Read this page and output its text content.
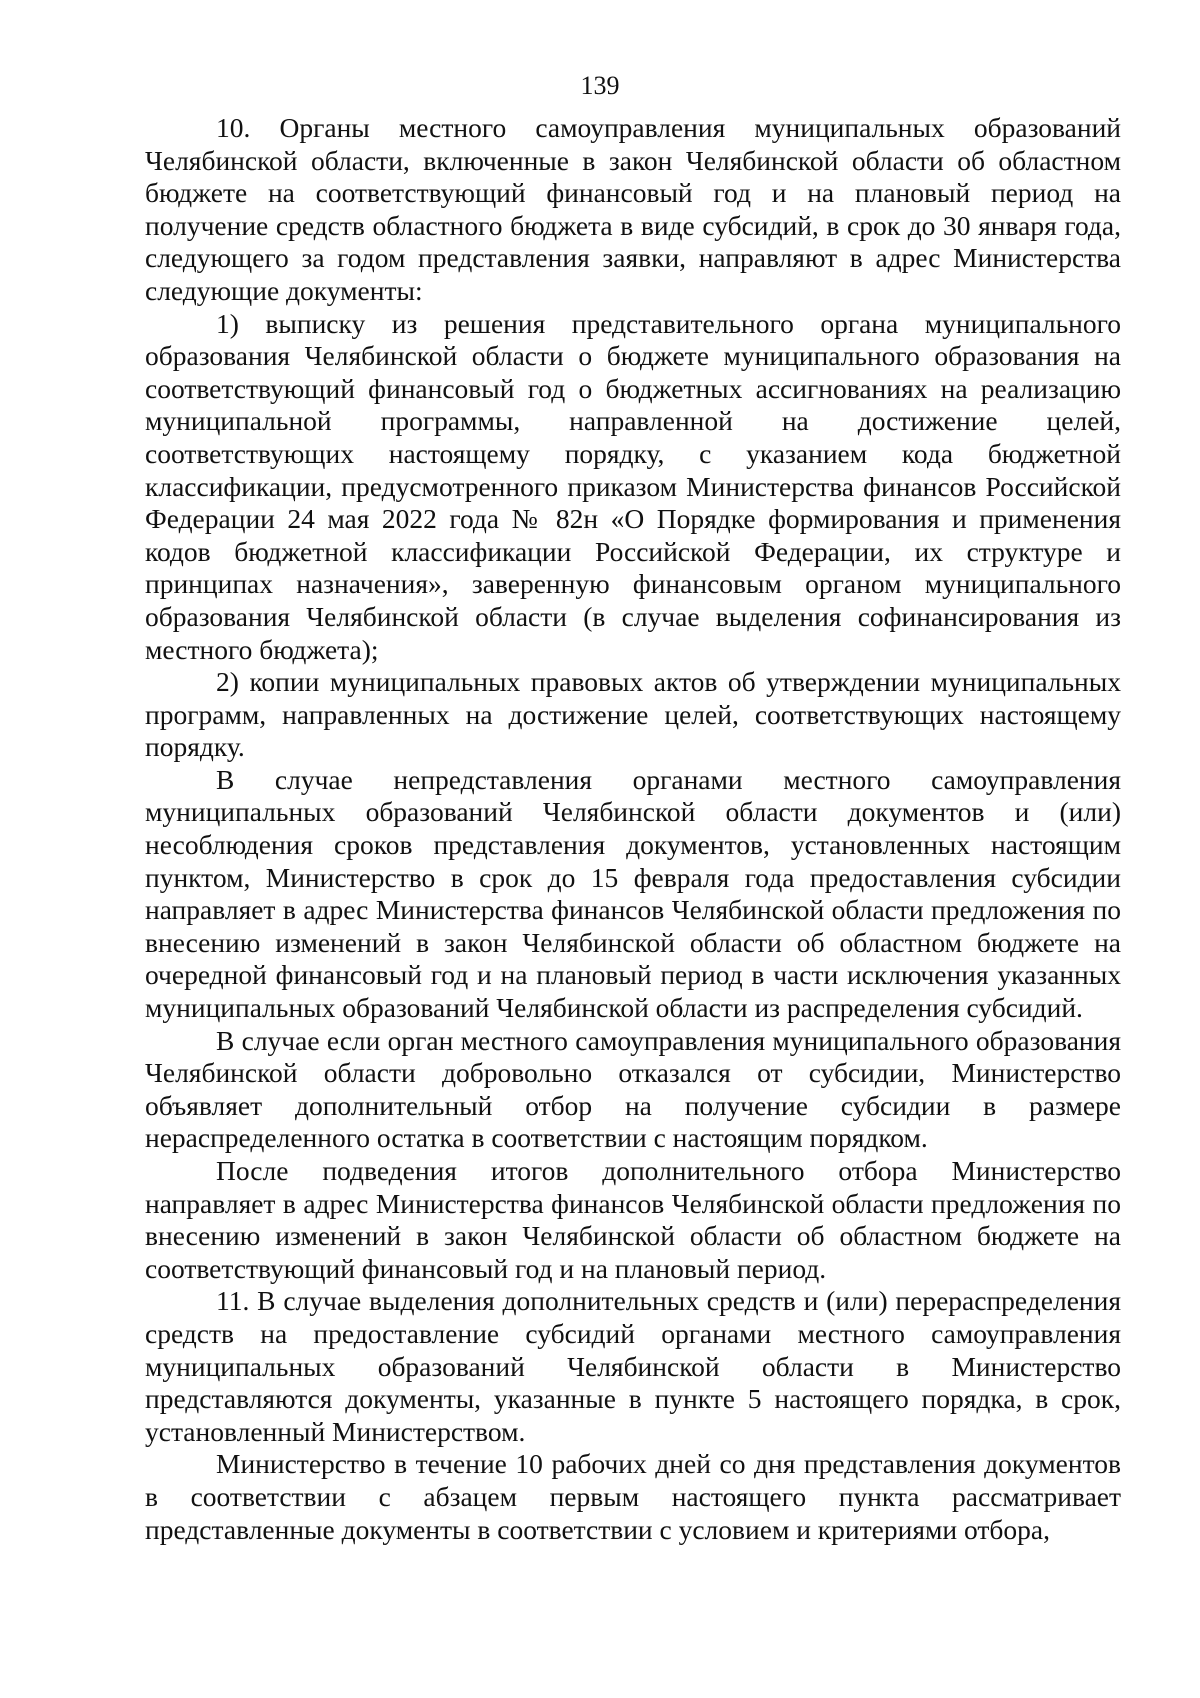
139

10. Органы местного самоуправления муниципальных образований Челябинской области, включенные в закон Челябинской области об областном бюджете на соответствующий финансовый год и на плановый период на получение средств областного бюджета в виде субсидий, в срок до 30 января года, следующего за годом представления заявки, направляют в адрес Министерства следующие документы:

1) выписку из решения представительного органа муниципального образования Челябинской области о бюджете муниципального образования на соответствующий финансовый год о бюджетных ассигнованиях на реализацию муниципальной программы, направленной на достижение целей, соответствующих настоящему порядку, с указанием кода бюджетной классификации, предусмотренного приказом Министерства финансов Российской Федерации 24 мая 2022 года № 82н «О Порядке формирования и применения кодов бюджетной классификации Российской Федерации, их структуре и принципах назначения», заверенную финансовым органом муниципального образования Челябинской области (в случае выделения софинансирования из местного бюджета);

2) копии муниципальных правовых актов об утверждении муниципальных программ, направленных на достижение целей, соответствующих настоящему порядку.

В случае непредставления органами местного самоуправления муниципальных образований Челябинской области документов и (или) несоблюдения сроков представления документов, установленных настоящим пунктом, Министерство в срок до 15 февраля года предоставления субсидии направляет в адрес Министерства финансов Челябинской области предложения по внесению изменений в закон Челябинской области об областном бюджете на очередной финансовый год и на плановый период в части исключения указанных муниципальных образований Челябинской области из распределения субсидий.

В случае если орган местного самоуправления муниципального образования Челябинской области добровольно отказался от субсидии, Министерство объявляет дополнительный отбор на получение субсидии в размере нераспределенного остатка в соответствии с настоящим порядком.

После подведения итогов дополнительного отбора Министерство направляет в адрес Министерства финансов Челябинской области предложения по внесению изменений в закон Челябинской области об областном бюджете на соответствующий финансовый год и на плановый период.

11. В случае выделения дополнительных средств и (или) перераспределения средств на предоставление субсидий органами местного самоуправления муниципальных образований Челябинской области в Министерство представляются документы, указанные в пункте 5 настоящего порядка, в срок, установленный Министерством.

Министерство в течение 10 рабочих дней со дня представления документов в соответствии с абзацем первым настоящего пункта рассматривает представленные документы в соответствии с условием и критериями отбора,
